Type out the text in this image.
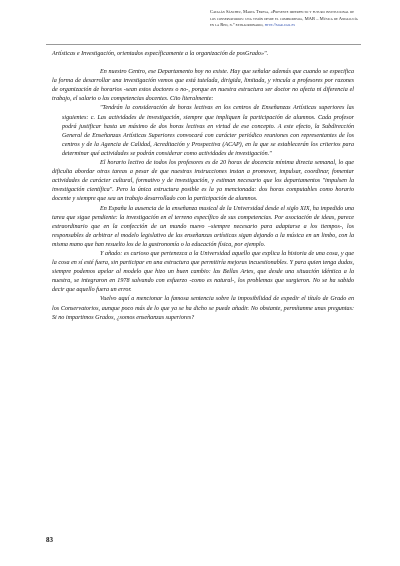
Catalán Sánchez, Marta Teresa, «Presente imperfecto y futuro institucional de los conservatorios: una visión desde el compromiso», MAR – Música de Andalucía en la Red, n.º extraordinario, http://mar.ugr.es

Artísticas e Investigación, orientados específicamente a la organización de posGrado»".

En nuestro Centro, ese Departamento hoy no existe. Hay que señalar además que cuando se especifica la forma de desarrollar una investigación vemos que está tutelada, dirigida, limitada, y vincula a profesores por razones de organización de horarios -sean estos doctores o no-, porque en nuestra estructura ser doctor no afecta ni diferencia el trabajo, el salario o las competencias docentes. Cito literalmente:

"Tendrán la consideración de horas lectivas en los centros de Enseñanzas Artísticas superiores las siguientes: c. Las actividades de investigación, siempre que impliquen la participación de alumnos. Cada profesor podrá justificar hasta un máximo de dos horas lectivas en virtud de ese concepto. A este efecto, la Subdirección General de Enseñanzas Artísticas Superiores convocará con carácter periódico reuniones con representantes de los centros y de la Agencia de Calidad, Acreditación y Prospectiva (ACAP), en la que se establecerán los criterios para determinar qué actividades se podrán considerar como actividades de investigación."

El horario lectivo de todos los profesores es de 20 horas de docencia mínima directa semanal, lo que dificulta abordar otras tareas a pesar de que nuestras instrucciones instan a promover, impulsar, coordinar, fomentar actividades de carácter cultural, formativo y de investigación, y estiman necesario que los departamentos "impulsen la investigación científica". Pero la única estructura posible es la ya mencionada: dos horas computables como horario docente y siempre que sea un trabajo desarrollado con la participación de alumnos.

En España la ausencia de la enseñanza musical de la Universidad desde el siglo XIX, ha impedido una tarea que sigue pendiente: la investigación en el terreno específico de sus competencias. Por asociación de ideas, parece extraordinario que en la confección de un mundo nuevo –siempre necesario para adaptarse a los tiempos-, los responsables de arbitrar el modelo legislativo de las enseñanzas artísticas sigan dejando a la música en un limbo, con la misma mano que han resuelto los de la gastronomía o la educación física, por ejemplo.

Y añado: es curioso que pertenezca a la Universidad aquello que explica la historia de una cosa, y que la cosa en sí esté fuera, sin participar en una estructura que permitiría mejoras incuestionables. Y para quien tenga dudas, siempre podemos apelar al modelo que hizo un buen cambio: las Bellas Artes, que desde una situación idéntica a la nuestra, se integraron en 1978 salvando con esfuerzo -como es natural-, los problemas que surgieron. No se ha sabido decir que aquello fuera un error.

Vuelvo aquí a mencionar la famosa sentencia sobre la imposibilidad de expedir el título de Grado en los Conservatorios, aunque poco más de lo que ya se ha dicho se puede añadir. No obstante, permítanme unas preguntas: Si no impartimos Grados, ¿somos enseñanzas superiores?

83
